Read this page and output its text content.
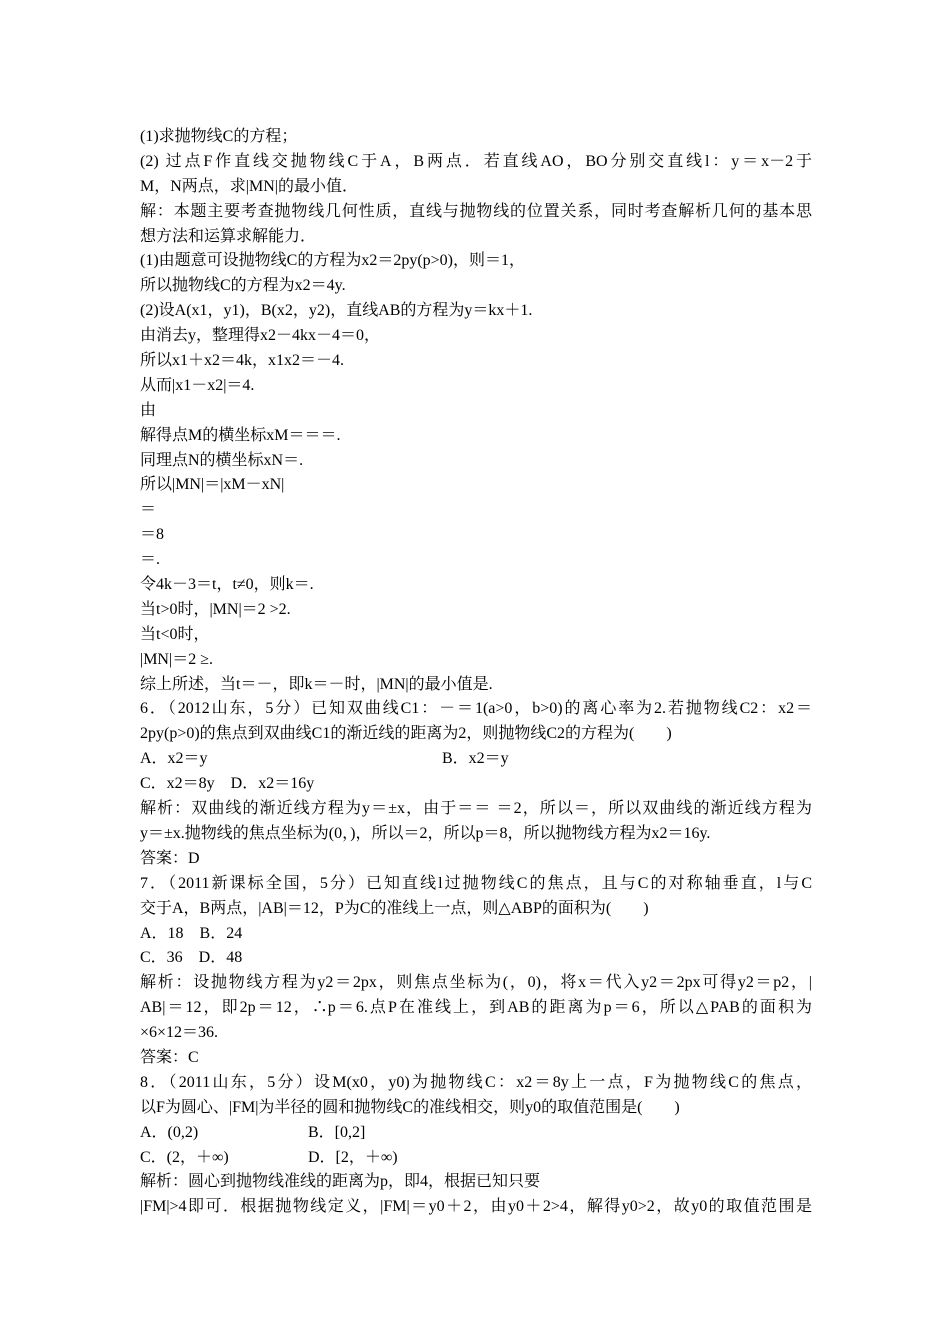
(1)求抛物线C的方程；
(2) 过点F作直线交抛物线C于A，B两点．若直线AO，BO分别交直线l：y＝x－2于
M，N两点，求|MN|的最小值．
解：本题主要考查抛物线几何性质，直线与抛物线的位置关系，同时考查解析几何的基本思
想方法和运算求解能力．
(1)由题意可设抛物线C的方程为x2＝2py(p>0)，则＝1，
所以抛物线C的方程为x2＝4y.
(2)设A(x1，y1)，B(x2，y2)，直线AB的方程为y＝kx＋1.
由消去y，整理得x2－4kx－4＝0，
所以x1＋x2＝4k，x1x2＝－4.
从而|x1－x2|＝4.
由
解得点M的横坐标xM＝＝＝.
同理点N的横坐标xN＝.
所以|MN|＝|xM－xN|
＝
＝8
＝.
令4k－3＝t，t≠0，则k＝.
当t>0时，|MN|＝2 >2.
当t<0时，
|MN|＝2 ≥.
综上所述，当t＝－，即k＝－时，|MN|的最小值是.
6．（2012山东，5分）已知双曲线C1：－＝1(a>0，b>0)的离心率为2.若抛物线C2：x2＝
2py(p>0)的焦点到双曲线C1的渐近线的距离为2，则抛物线C2的方程为(　　)
A．x2＝y	B．x2＝y
C．x2＝8y　D．x2＝16y
解析：双曲线的渐近线方程为y＝±x，由于＝＝ ＝2，所以＝，所以双曲线的渐近线方程为
y＝±x.抛物线的焦点坐标为(0，)，所以＝2，所以p＝8，所以抛物线方程为x2＝16y.
答案：D
7．（2011新课标全国，5分）已知直线l过抛物线C的焦点，且与C的对称轴垂直，l与C
交于A，B两点，|AB|＝12，P为C的准线上一点，则△ABP的面积为(　　)
A．18　B．24
C．36　D．48
解析：设抛物线方程为y2＝2px，则焦点坐标为(，0)，将x＝代入y2＝2px可得y2＝p2，|
AB|＝12，即2p＝12，∴p＝6.点P在准线上，到AB的距离为p＝6，所以△PAB的面积为
×6×12＝36.
答案：C
8．（2011山东，5分）设M(x0，y0)为抛物线C：x2＝8y上一点，F为抛物线C的焦点，
以F为圆心、|FM|为半径的圆和抛物线C的准线相交，则y0的取值范围是(　　)
A．(0,2)	B．[0,2]
C．(2，＋∞)	D．[2，＋∞)
解析：圆心到抛物线准线的距离为p，即4，根据已知只要
|FM|>4即可．根据抛物线定义，|FM|＝y0＋2，由y0＋2>4，解得y0>2，故y0的取值范围是
